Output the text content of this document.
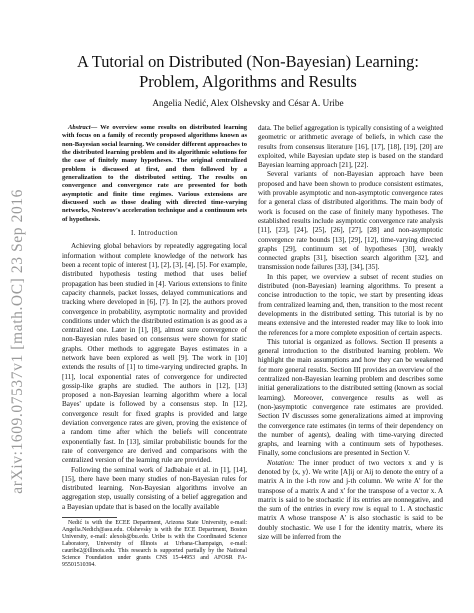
arXiv:1609.07537v1 [math.OC] 23 Sep 2016
A Tutorial on Distributed (Non-Bayesian) Learning: Problem, Algorithms and Results
Angelia Nedić, Alex Olshevsky and César A. Uribe

Abstract— We overview some results on distributed learning with focus on a family of recently proposed algorithms known as non-Bayesian social learning. We consider different approaches to the distributed learning problem and its algorithmic solutions for the case of finitely many hypotheses. The original centralized problem is discussed at first, and then followed by a generalization to the distributed setting. The results on convergence and convergence rate are presented for both asymptotic and finite time regimes. Various extensions are discussed such as those dealing with directed time-varying networks, Nesterov's acceleration technique and a continuum sets of hypothesis.

I. Introduction

Achieving global behaviors by repeatedly aggregating local information without complete knowledge of the network has been a recent topic of interest [1], [2], [3], [4], [5]. For example, distributed hypothesis testing method that uses belief propagation has been studied in [4]. Various extensions to finite capacity channels, packet losses, delayed communications and tracking where developed in [6], [7]. In [2], the authors proved convergence in probability, asymptotic normality and provided conditions under which the distributed estimation is as good as a centralized one. Later in [1], [8], almost sure convergence of non-Bayesian rules based on consensus were shown for static graphs. Other methods to aggregate Bayes estimates in a network have been explored as well [9]. The work in [10] extends the results of [1] to time-varying undirected graphs. In [11], local exponential rates of convergence for undirected gossip-like graphs are studied. The authors in [12], [13] proposed a non-Bayesian learning algorithm where a local Bayes' update is followed by a consensus step. In [12], convergence result for fixed graphs is provided and large deviation convergence rates are given, proving the existence of a random time after which the beliefs will concentrate exponentially fast. In [13], similar probabilistic bounds for the rate of convergence are derived and comparisons with the centralized version of the learning rule are provided.

Following the seminal work of Jadbabaie et al. in [1], [14], [15], there have been many studies of non-Bayesian rules for distributed learning. Non-Bayesian algorithms involve an aggregation step, usually consisting of a belief aggregation and a Bayesian update that is based on the locally available

Nedić is with the ECEE Department, Arizona State University, e-mail: Angelia.Nedich@asu.edu. Olshevsky is with the ECE Department, Boston University, e-mail: alexols@bu.edu. Uribe is with the Coordinated Science Laboratory, University of Illinois at Urbana-Champaign, e-mail: cauribe2@illinois.edu. This research is supported partially by the National Science Foundation under grants CNS 15-44953 and AFOSR FA-95501510394.

data. The belief aggregation is typically consisting of a weighted geometric or arithmetic average of beliefs, in which case the results from consensus literature [16], [17], [18], [19], [20] are exploited, while Bayesian update step is based on the standard Bayesian learning approach [21], [22].

Several variants of non-Bayesian approach have been proposed and have been shown to produce consistent estimates, with provable asymptotic and non-asymptotic convergence rates for a general class of distributed algorithms. The main body of work is focused on the case of finitely many hypotheses. The established results include asymptotic convergence rate analysis [11], [23], [24], [25], [26], [27], [28] and non-asymptotic convergence rate bounds [13], [29], [12], time-varying directed graphs [29], continuum set of hypotheses [30], weakly connected graphs [31], bisection search algorithm [32], and transmission node failures [33], [34], [35].

In this paper, we overview a subset of recent studies on distributed (non-Bayesian) learning algorithms. To present a concise introduction to the topic, we start by presenting ideas from centralized learning and, then, transition to the most recent developments in the distributed setting. This tutorial is by no means extensive and the interested reader may like to look into the references for a more complete exposition of certain aspects.

This tutorial is organized as follows. Section II presents a general introduction to the distributed learning problem. We highlight the main assumptions and how they can be weakened for more general results. Section III provides an overview of the centralized non-Bayesian learning problem and describes some initial generalizations to the distributed setting (known as social learning). Moreover, convergence results as well as (non-)asymptotic convergence rate estimates are provided. Section IV discusses some generalizations aimed at improving the convergence rate estimates (in terms of their dependency on the number of agents), dealing with time-varying directed graphs, and learning with a continuum sets of hypotheses. Finally, some conclusions are presented in Section V.

Notation: The inner product of two vectors x and y is denoted by ⟨x, y⟩. We write [A]ij or Aij to denote the entry of a matrix A in the i-th row and j-th column. We write A' for the transpose of a matrix A and x' for the transpose of a vector x. A matrix is said to be stochastic if its entries are nonnegative, and the sum of the entries in every row is equal to 1. A stochastic matrix A whose transpose A' is also stochastic is said to be doubly stochastic. We use I for the identity matrix, where its size will be inferred from the
